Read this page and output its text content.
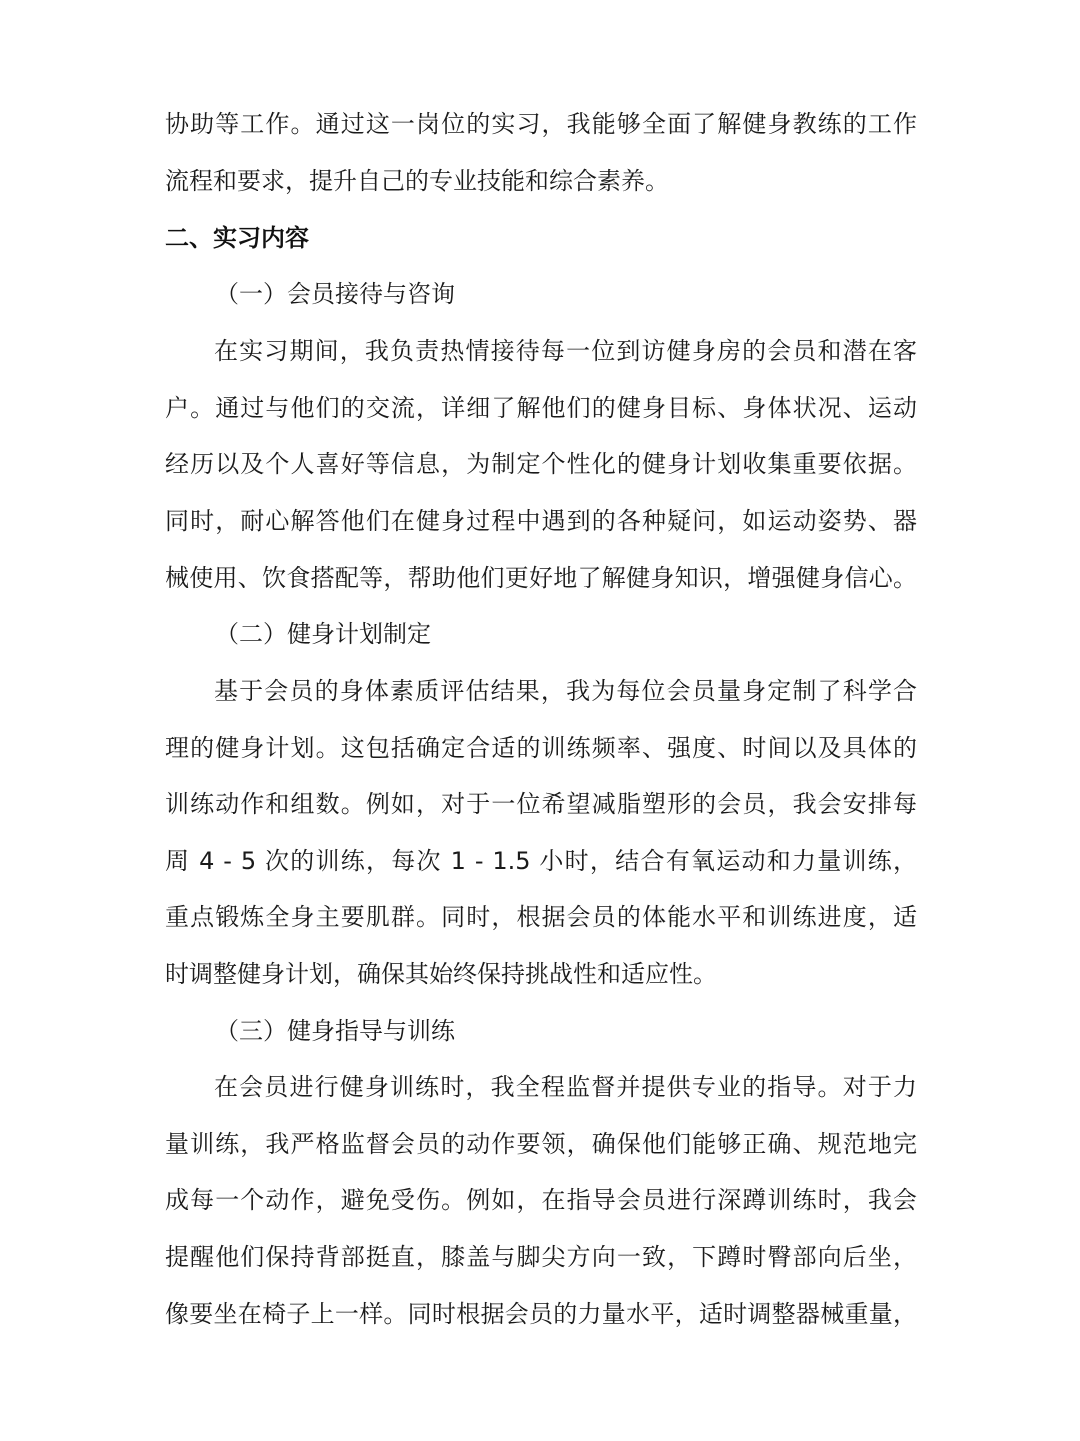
协助等工作。通过这一岗位的实习，我能够全面了解健身教练的工作
流程和要求，提升自己的专业技能和综合素养。
二、实习内容
（一）会员接待与咨询
在实习期间，我负责热情接待每一位到访健身房的会员和潜在客
户。通过与他们的交流，详细了解他们的健身目标、身体状况、运动
经历以及个人喜好等信息，为制定个性化的健身计划收集重要依据。
同时，耐心解答他们在健身过程中遇到的各种疑问，如运动姿势、器
械使用、饮食搭配等，帮助他们更好地了解健身知识，增强健身信心。
（二）健身计划制定
基于会员的身体素质评估结果，我为每位会员量身定制了科学合
理的健身计划。这包括确定合适的训练频率、强度、时间以及具体的
训练动作和组数。例如，对于一位希望减脂塑形的会员，我会安排每
周 4 - 5 次的训练，每次 1 - 1.5 小时，结合有氧运动和力量训练，
重点锻炼全身主要肌群。同时，根据会员的体能水平和训练进度，适
时调整健身计划，确保其始终保持挑战性和适应性。
（三）健身指导与训练
在会员进行健身训练时，我全程监督并提供专业的指导。对于力
量训练，我严格监督会员的动作要领，确保他们能够正确、规范地完
成每一个动作，避免受伤。例如，在指导会员进行深蹲训练时，我会
提醒他们保持背部挺直，膝盖与脚尖方向一致，下蹲时臀部向后坐，
像要坐在椅子上一样。同时根据会员的力量水平，适时调整器械重量，
